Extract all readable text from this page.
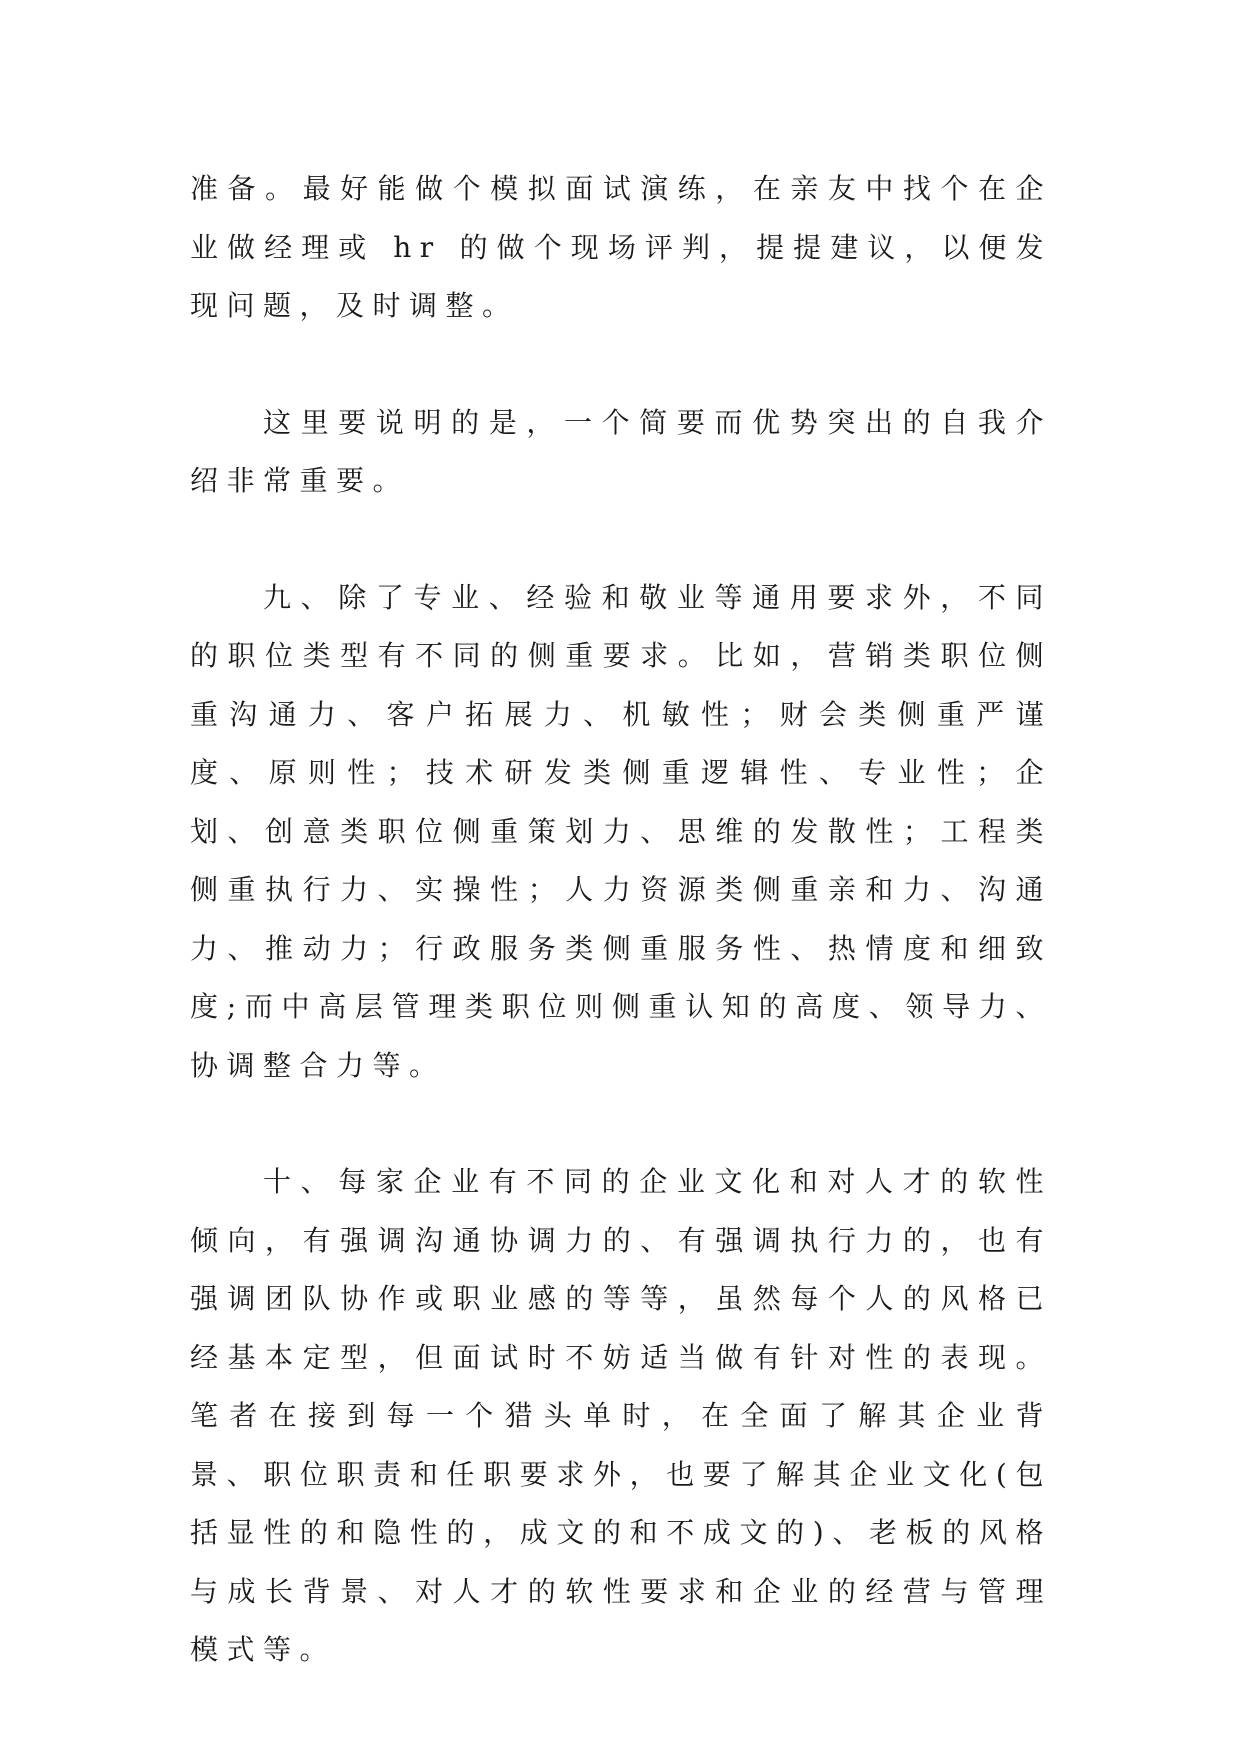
准备。最好能做个模拟面试演练，在亲友中找个在企业做经理或 hr 的做个现场评判，提提建议，以便发现问题，及时调整。

这里要说明的是，一个简要而优势突出的自我介绍非常重要。

九、除了专业、经验和敬业等通用要求外，不同的职位类型有不同的侧重要求。比如，营销类职位侧重沟通力、客户拓展力、机敏性；财会类侧重严谨度、原则性；技术研发类侧重逻辑性、专业性；企划、创意类职位侧重策划力、思维的发散性；工程类侧重执行力、实操性；人力资源类侧重亲和力、沟通力、推动力；行政服务类侧重服务性、热情度和细致度;而中高层管理类职位则侧重认知的高度、领导力、协调整合力等。

十、每家企业有不同的企业文化和对人才的软性倾向，有强调沟通协调力的、有强调执行力的，也有强调团队协作或职业感的等等，虽然每个人的风格已经基本定型，但面试时不妨适当做有针对性的表现。笔者在接到每一个猎头单时，在全面了解其企业背景、职位职责和任职要求外，也要了解其企业文化(包括显性的和隐性的，成文的和不成文的)、老板的风格与成长背景、对人才的软性要求和企业的经营与管理模式等。
